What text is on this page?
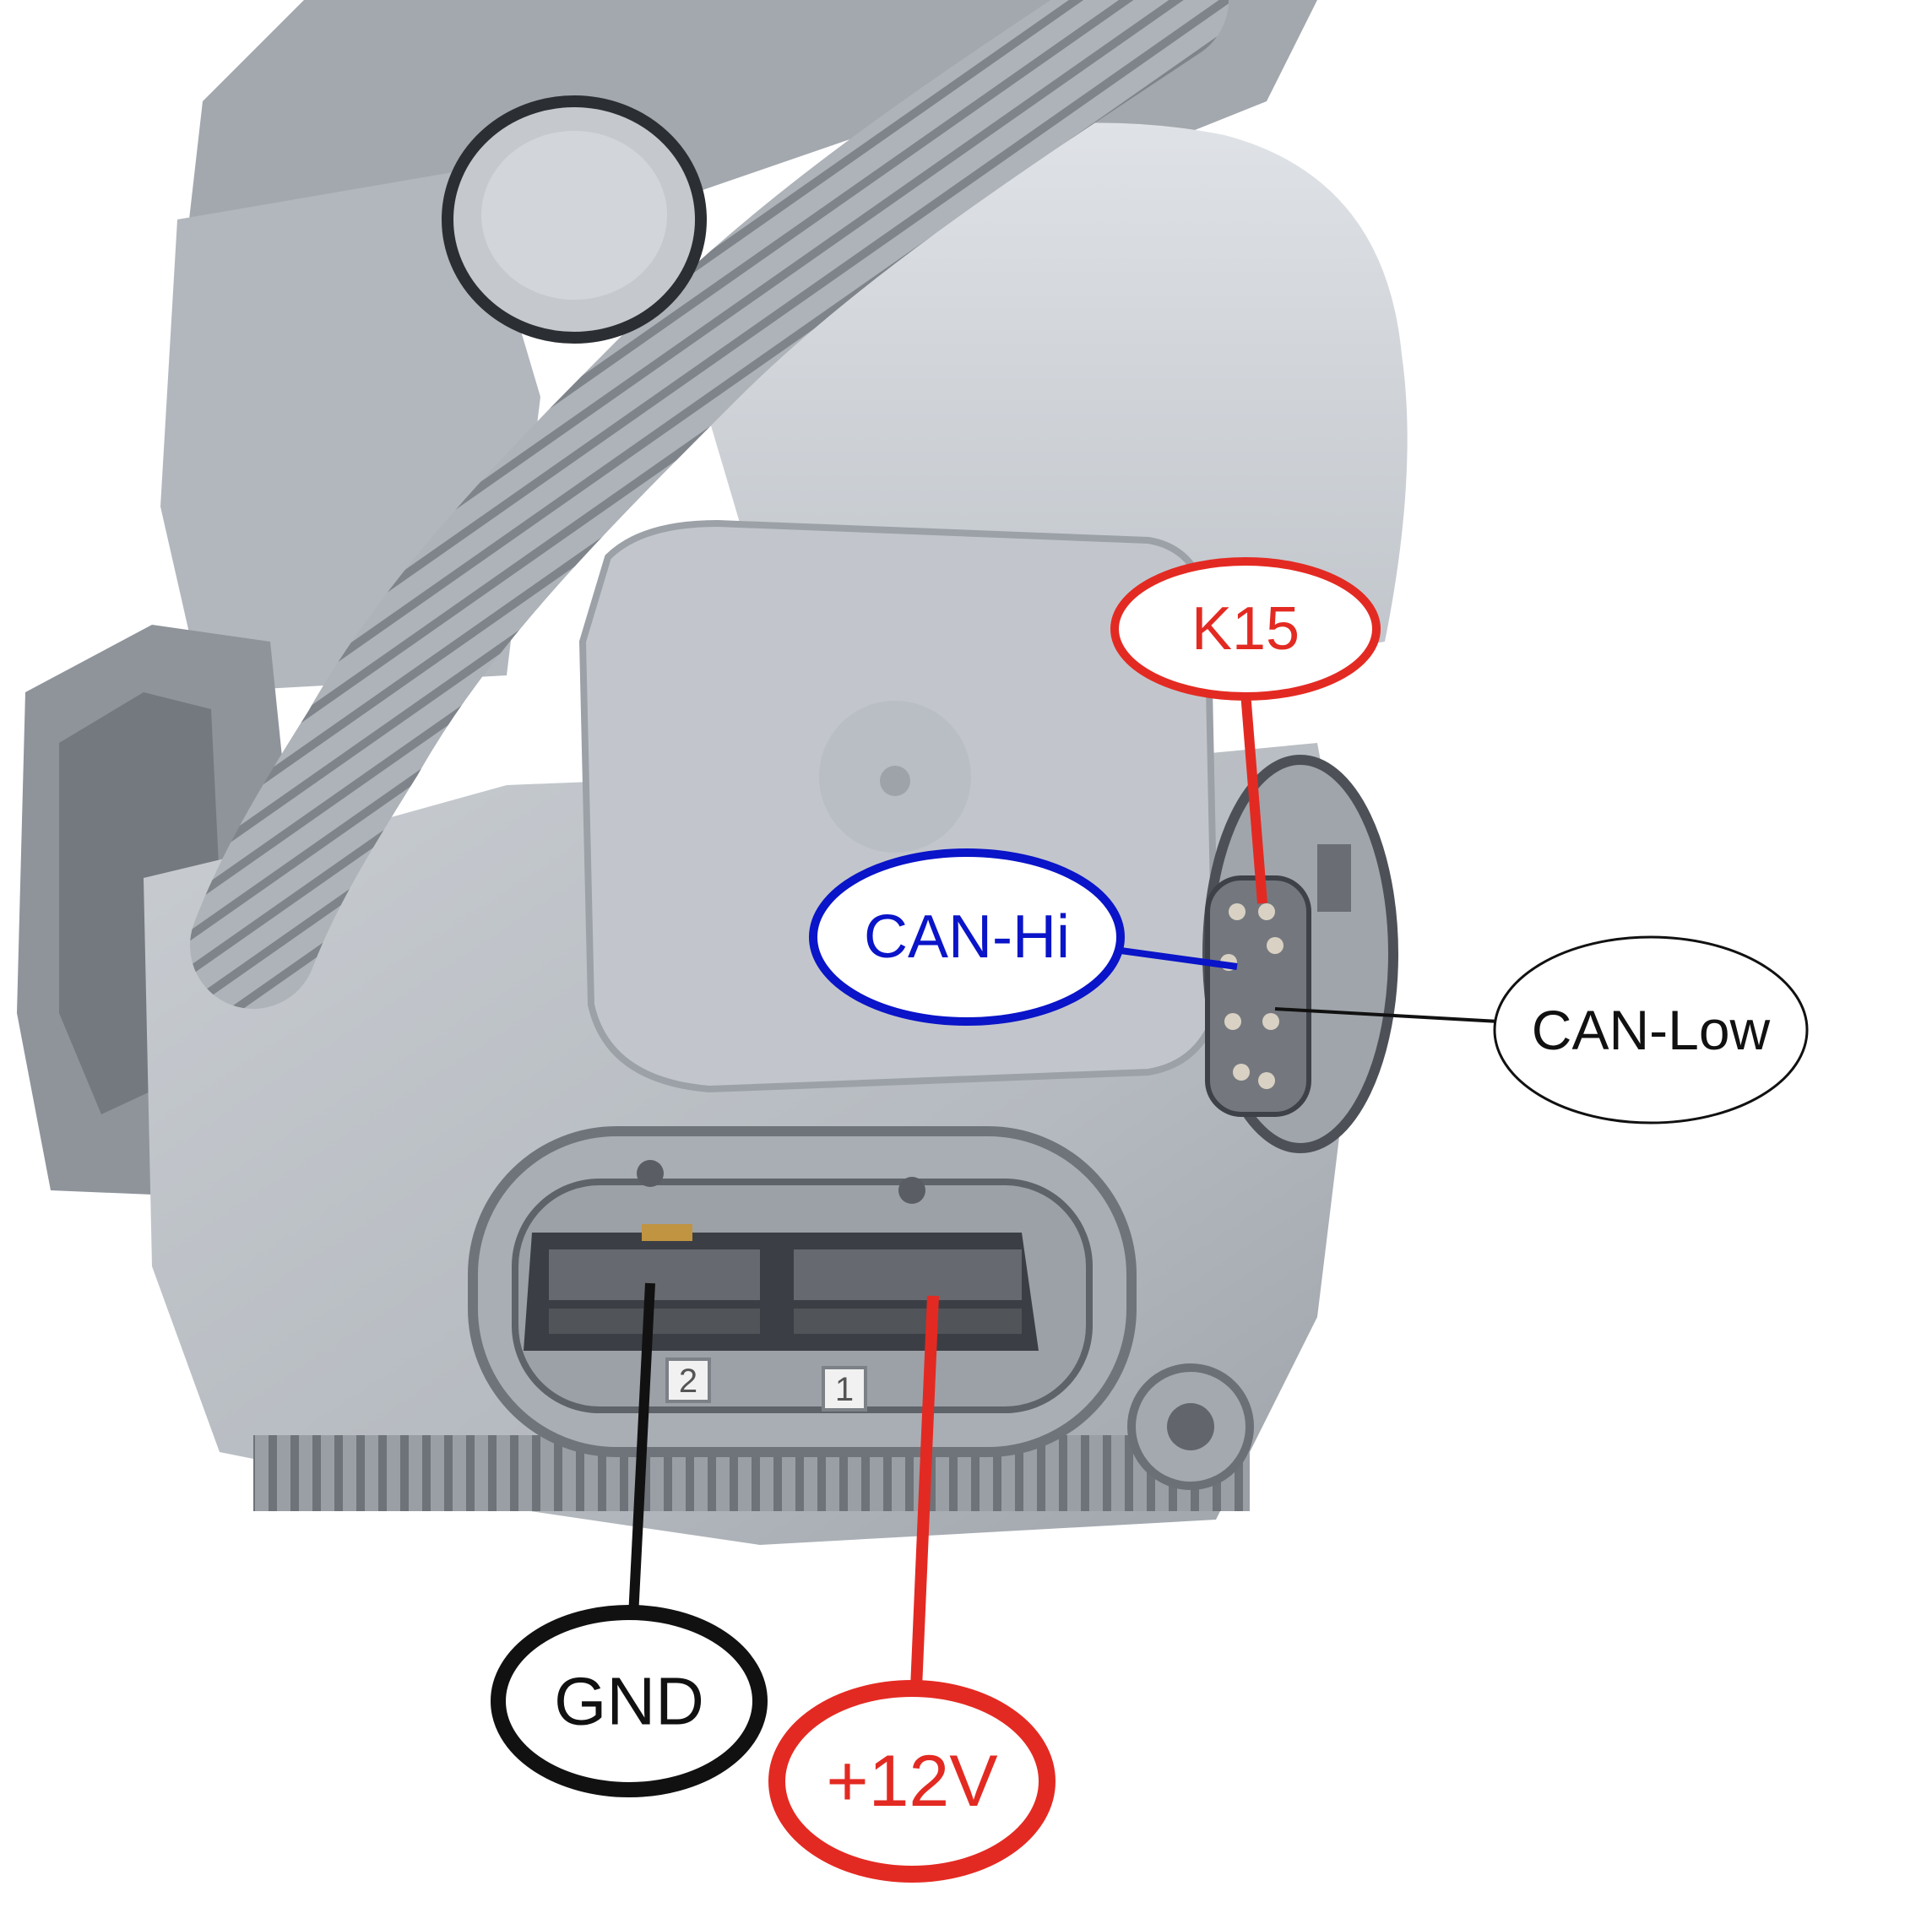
2	1
K15
CAN-Hi
CAN-Low
GND
+12V
